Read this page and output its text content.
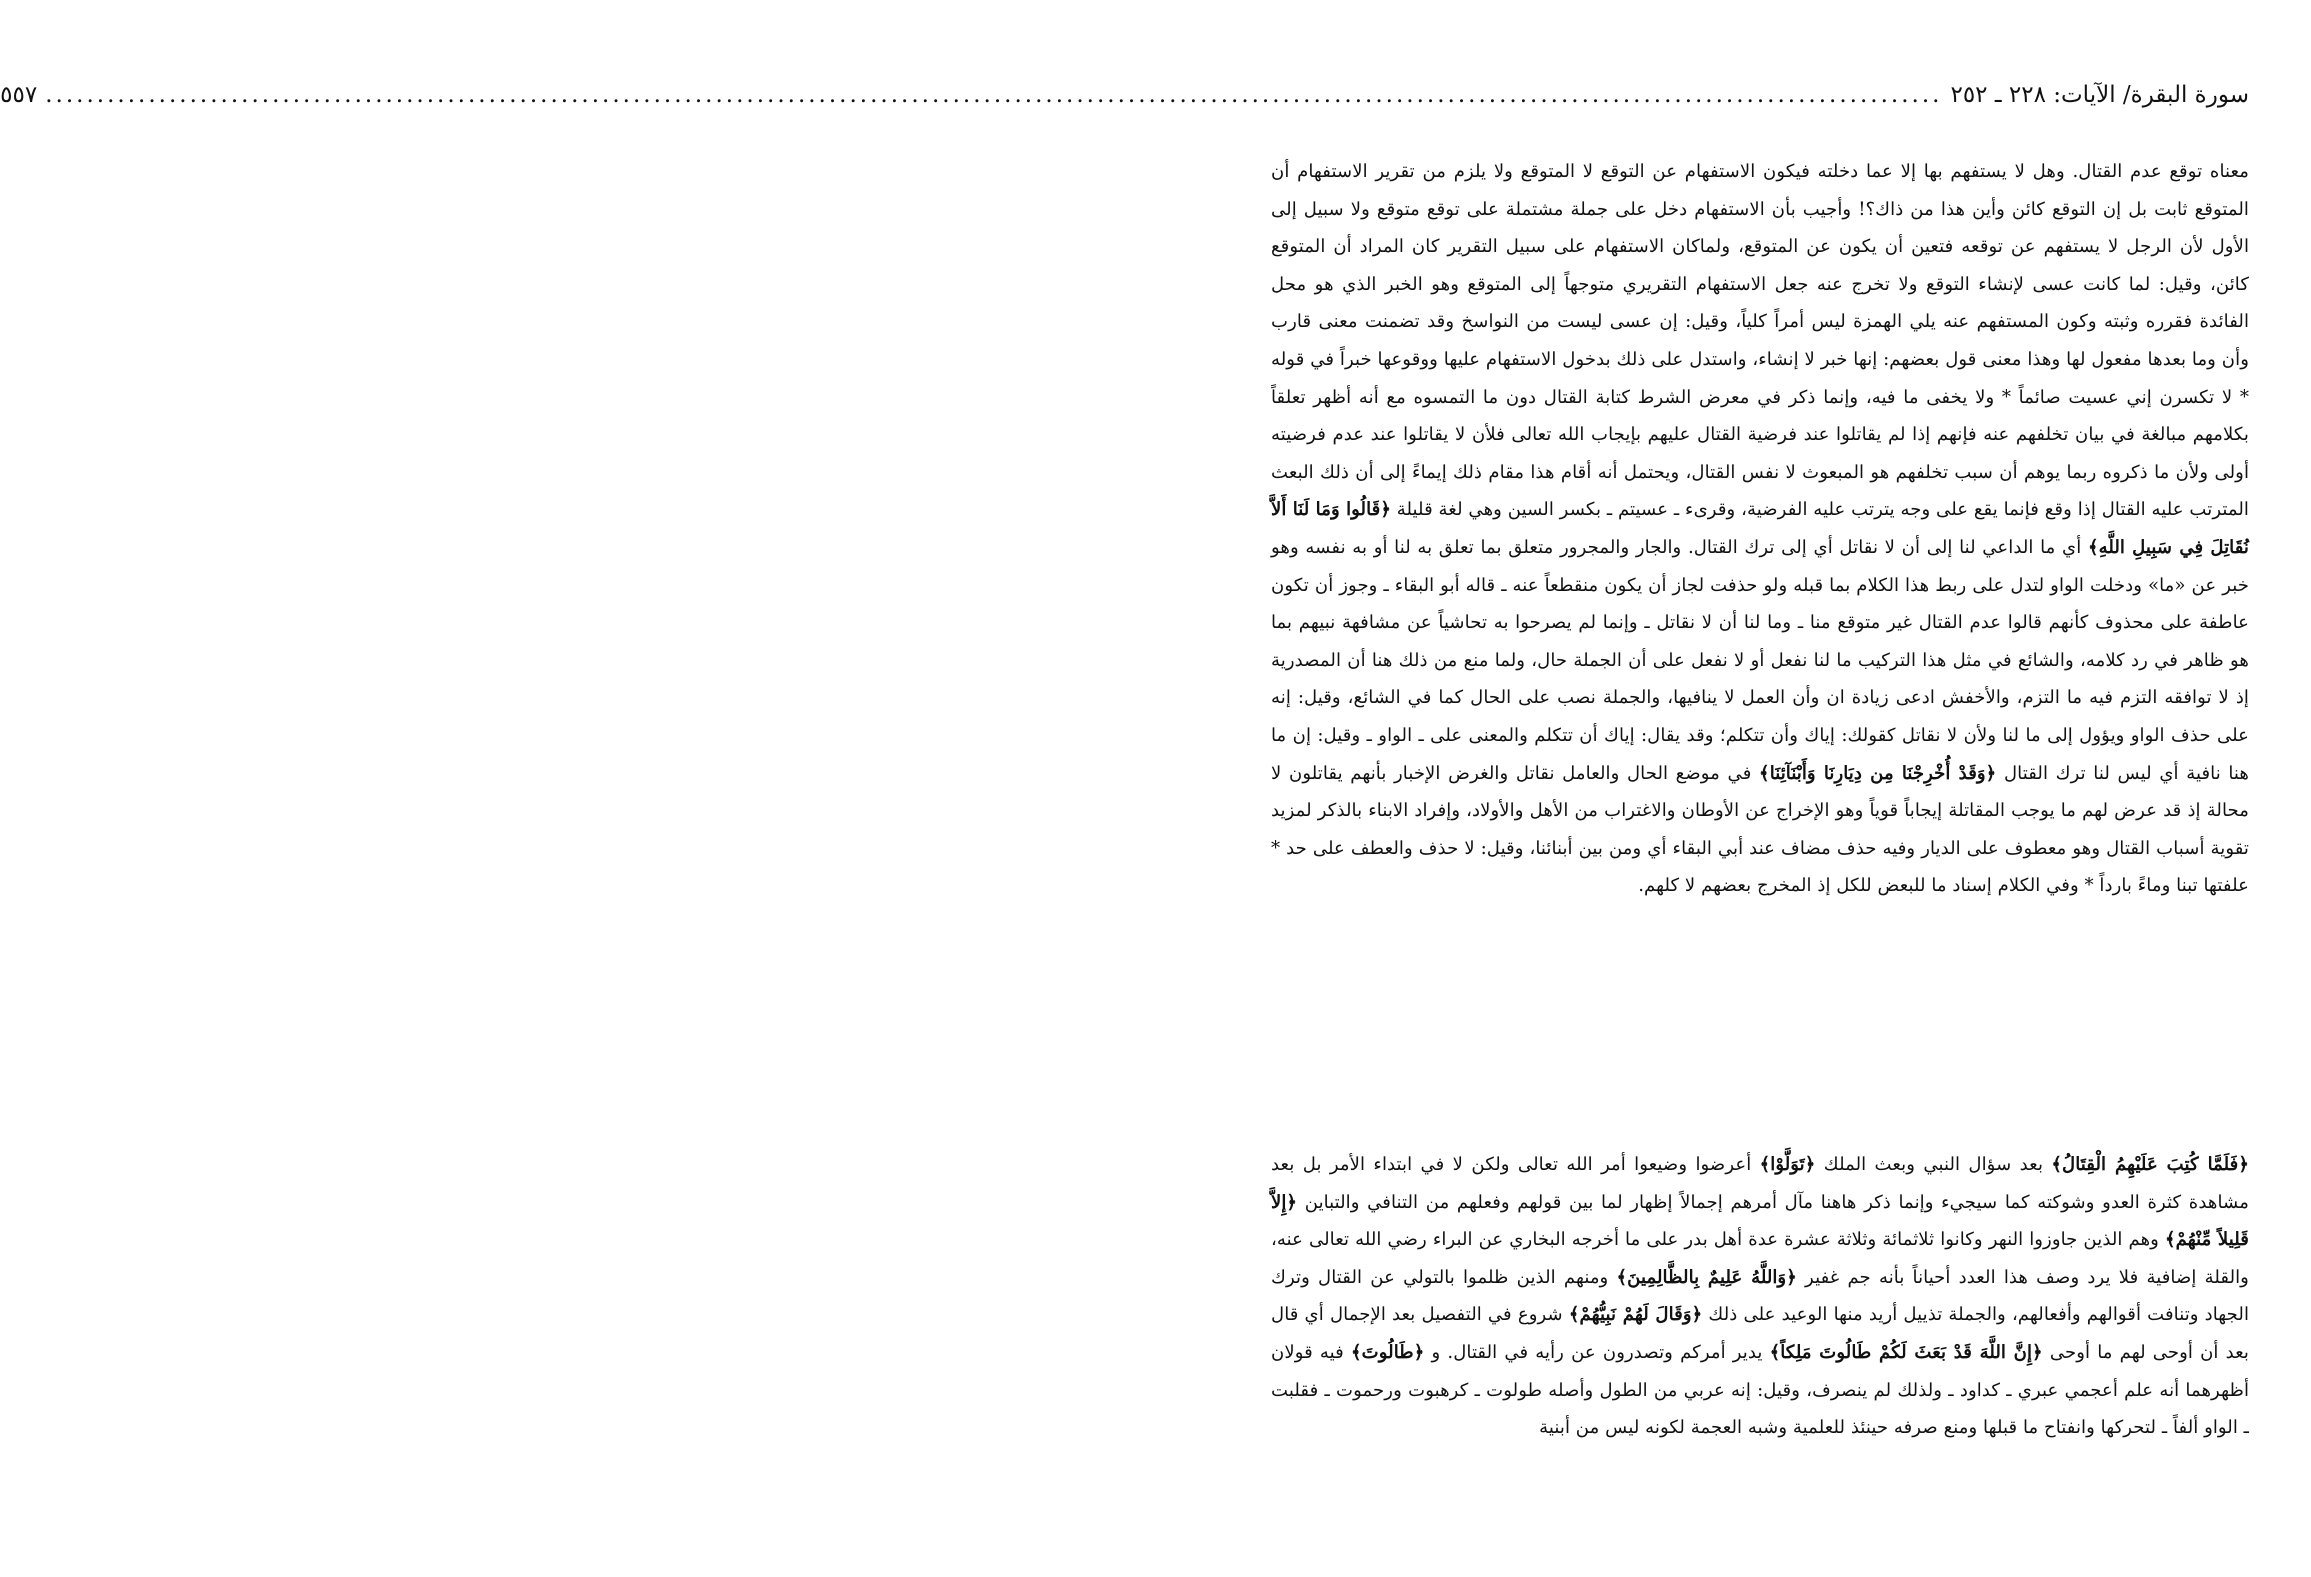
سورة البقرة/ الآيات: ٢٢٨ ـ ٢٥٢
........................................................................................................................................................................................
٥٥٧

معناه توقع عدم القتال. وهل لا يستفهم بها إلا عما دخلته فيكون الاستفهام عن التوقع لا المتوقع ولا يلزم من تقرير الاستفهام أن المتوقع ثابت بل إن التوقع كائن وأين هذا من ذاك؟! وأجيب بأن الاستفهام دخل على جملة مشتملة على توقع متوقع ولا سبيل إلى الأول لأن الرجل لا يستفهم عن توقعه فتعين أن يكون عن المتوقع، ولماكان الاستفهام على سبيل التقرير كان المراد أن المتوقع كائن، وقيل: لما كانت عسى لإنشاء التوقع ولا تخرج عنه جعل الاستفهام التقريري متوجهاً إلى المتوقع وهو الخبر الذي هو محل الفائدة فقرره وثبته وكون المستفهم عنه يلي الهمزة ليس أمراً كلياً، وقيل: إن عسى ليست من النواسخ وقد تضمنت معنى قارب وأن وما بعدها مفعول لها وهذا معنى قول بعضهم: إنها خبر لا إنشاء، واستدل على ذلك بدخول الاستفهام عليها ووقوعها خبراً في قوله * لا تكسرن إني عسيت صائماً * ولا يخفى ما فيه، وإنما ذكر في معرض الشرط كتابة القتال دون ما التمسوه مع أنه أظهر تعلقاً بكلامهم مبالغة في بيان تخلفهم عنه فإنهم إذا لم يقاتلوا عند فرضية القتال عليهم بإيجاب الله تعالى فلأن لا يقاتلوا عند عدم فرضيته أولى ولأن ما ذكروه ربما يوهم أن سبب تخلفهم هو المبعوث لا نفس القتال، ويحتمل أنه أقام هذا مقام ذلك إيماءً إلى أن ذلك البعث المترتب عليه القتال إذا وقع فإنما يقع على وجه يترتب عليه الفرضية، وقرىء ـ عسيتم ـ بكسر السين وهي لغة قليلة ﴿قَالُوا وَمَا لَنَا أَلاَّ نُقَاتِلَ فِي سَبِيلِ اللَّهِ﴾ أي ما الداعي لنا إلى أن لا نقاتل أي إلى ترك القتال. والجار والمجرور متعلق بما تعلق به لنا أو به نفسه وهو خبر عن «ما» ودخلت الواو لتدل على ربط هذا الكلام بما قبله ولو حذفت لجاز أن يكون منقطعاً عنه ـ قاله أبو البقاء ـ وجوز أن تكون عاطفة على محذوف كأنهم قالوا عدم القتال غير متوقع منا ـ وما لنا أن لا نقاتل ـ وإنما لم يصرحوا به تحاشياً عن مشافهة نبيهم بما هو ظاهر في رد كلامه، والشائع في مثل هذا التركيب ما لنا نفعل أو لا نفعل على أن الجملة حال، ولما منع من ذلك هنا أن المصدرية إذ لا توافقه التزم فيه ما التزم، والأخفش ادعى زيادة ان وأن العمل لا ينافيها، والجملة نصب على الحال كما في الشائع، وقيل: إنه على حذف الواو ويؤول إلى ما لنا ولأن لا نقاتل كقولك: إياك وأن تتكلم؛ وقد يقال: إياك أن تتكلم والمعنى على ـ الواو ـ وقيل: إن ما هنا نافية أي ليس لنا ترك القتال ﴿وَقَدْ أُخْرِجْنَا مِن دِيَارِنَا وَأَبْنَآئِنَا﴾ في موضع الحال والعامل نقاتل والغرض الإخبار بأنهم يقاتلون لا محالة إذ قد عرض لهم ما يوجب المقاتلة إيجاباً قوياً وهو الإخراج عن الأوطان والاغتراب من الأهل والأولاد، وإفراد الابناء بالذكر لمزيد تقوية أسباب القتال وهو معطوف على الديار وفيه حذف مضاف عند أبي البقاء أي ومن بين أبنائنا، وقيل: لا حذف والعطف على حد * علفتها تبنا وماءً بارداً * وفي الكلام إسناد ما للبعض للكل إذ المخرج بعضهم لا كلهم.

﴿فَلَمَّا كُتِبَ عَلَيْهِمُ الْقِتَالُ﴾ بعد سؤال النبي وبعث الملك ﴿تَوَلَّوْا﴾ أعرضوا وضيعوا أمر الله تعالى ولكن لا في ابتداء الأمر بل بعد مشاهدة كثرة العدو وشوكته كما سيجيء وإنما ذكر هاهنا مآل أمرهم إجمالاً إظهار لما بين قولهم وفعلهم من التنافي والتباين ﴿إِلاَّ قَلِيلاً مِّنْهُمْ﴾ وهم الذين جاوزوا النهر وكانوا ثلاثمائة وثلاثة عشرة عدة أهل بدر على ما أخرجه البخاري عن البراء رضي الله تعالى عنه، والقلة إضافية فلا يرد وصف هذا العدد أحياناً بأنه جم غفير ﴿وَاللَّهُ عَلِيمٌ بِالظَّالِمِينَ﴾ ومنهم الذين ظلموا بالتولي عن القتال وترك الجهاد وتنافت أقوالهم وأفعالهم، والجملة تذييل أريد منها الوعيد على ذلك ﴿وَقَالَ لَهُمْ نَبِيُّهُمْ﴾ شروع في التفصيل بعد الإجمال أي قال بعد أن أوحى لهم ما أوحى ﴿إِنَّ اللَّهَ قَدْ بَعَثَ لَكُمْ طَالُوتَ مَلِكاً﴾ يدير أمركم وتصدرون عن رأيه في القتال. و ﴿طَالُوتَ﴾ فيه قولان أظهرهما أنه علم أعجمي عبري ـ كداود ـ ولذلك لم ينصرف، وقيل: إنه عربي من الطول وأصله طولوت ـ كرهبوت ورحموت ـ فقلبت ـ الواو ألفاً ـ لتحركها وانفتاح ما قبلها ومنع صرفه حينئذ للعلمية وشبه العجمة لكونه ليس من أبنية
